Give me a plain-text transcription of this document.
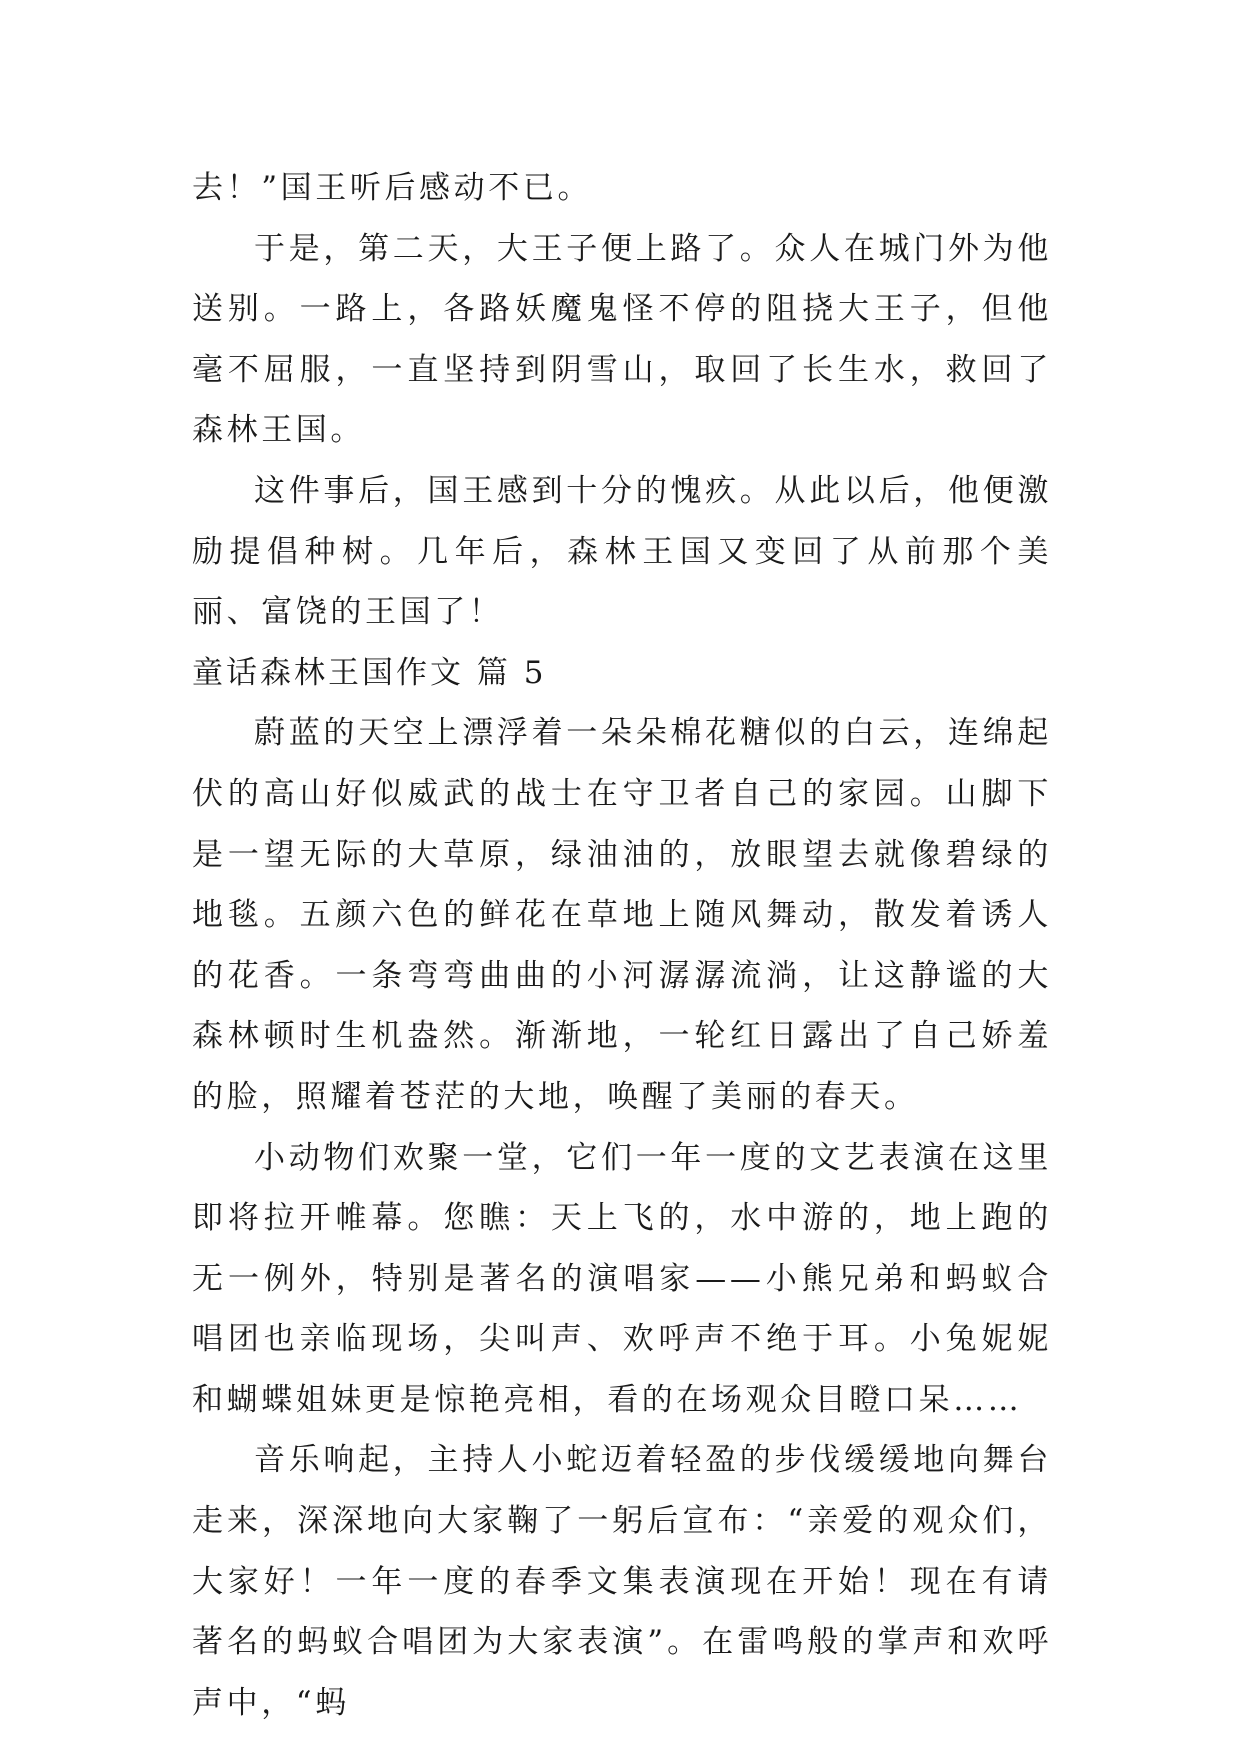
去！”国王听后感动不已。

于是，第二天，大王子便上路了。众人在城门外为他送别。一路上，各路妖魔鬼怪不停的阻挠大王子，但他毫不屈服，一直坚持到阴雪山，取回了长生水，救回了森林王国。

这件事后，国王感到十分的愧疚。从此以后，他便激励提倡种树。几年后，森林王国又变回了从前那个美丽、富饶的王国了！

童话森林王国作文 篇 5

蔚蓝的天空上漂浮着一朵朵棉花糖似的白云，连绵起伏的高山好似威武的战士在守卫者自己的家园。山脚下是一望无际的大草原，绿油油的，放眼望去就像碧绿的地毯。五颜六色的鲜花在草地上随风舞动，散发着诱人的花香。一条弯弯曲曲的小河潺潺流淌，让这静谧的大森林顿时生机盎然。渐渐地，一轮红日露出了自己娇羞的脸，照耀着苍茫的大地，唤醒了美丽的春天。

小动物们欢聚一堂，它们一年一度的文艺表演在这里即将拉开帷幕。您瞧：天上飞的，水中游的，地上跑的无一例外，特别是著名的演唱家——小熊兄弟和蚂蚁合唱团也亲临现场，尖叫声、欢呼声不绝于耳。小兔妮妮和蝴蝶姐妹更是惊艳亮相，看的在场观众目瞪口呆……

音乐响起，主持人小蛇迈着轻盈的步伐缓缓地向舞台走来，深深地向大家鞠了一躬后宣布：“亲爱的观众们，大家好！一年一度的春季文集表演现在开始！现在有请著名的蚂蚁合唱团为大家表演”。在雷鸣般的掌声和欢呼声中，“蚂
